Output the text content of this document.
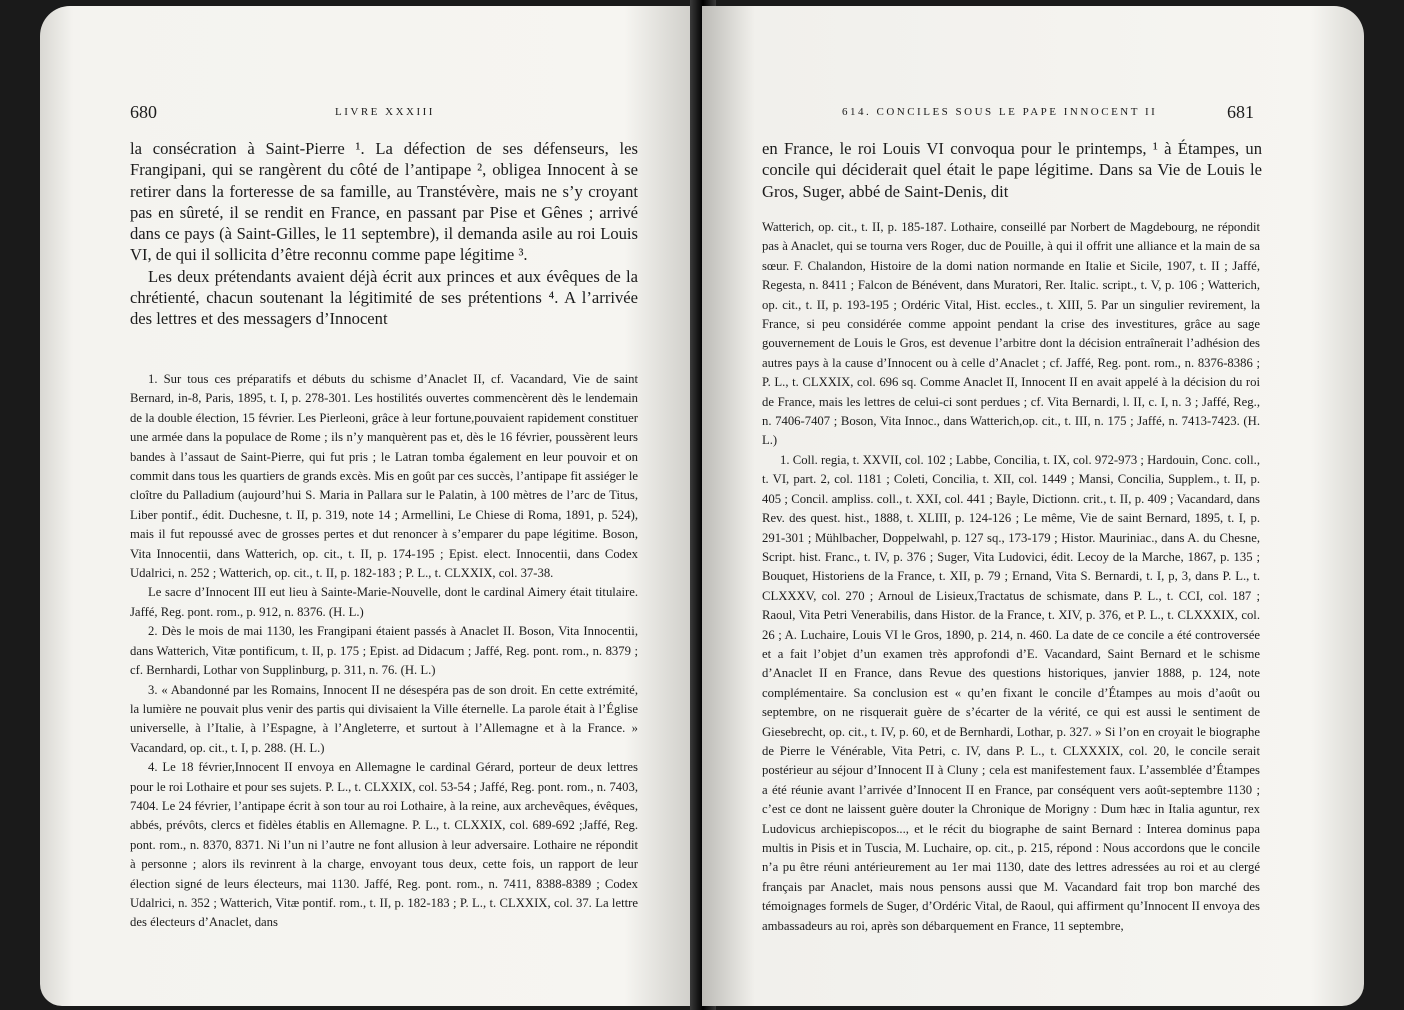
680	LIVRE XXXIII

la consécration à Saint-Pierre ¹. La défection de ses défenseurs, les Frangipani, qui se rangèrent du côté de l’antipape ², obligea Innocent à se retirer dans la forteresse de sa famille, au Transtévère, mais ne s’y croyant pas en sûreté, il se rendit en France, en passant par Pise et Gênes ; arrivé dans ce pays (à Saint-Gilles, le 11 septembre), il demanda asile au roi Louis VI, de qui il sollicita d’être reconnu comme pape légitime ³.

Les deux prétendants avaient déjà écrit aux princes et aux évêques de la chrétienté, chacun soutenant la légitimité de ses prétentions ⁴. A l’arrivée des lettres et des messagers d’Innocent

1. Sur tous ces préparatifs et débuts du schisme d’Anaclet II, cf. Vacandard, Vie de saint Bernard, in-8, Paris, 1895, t. I, p. 278-301. Les hostilités ouvertes commencèrent dès le lendemain de la double élection, 15 février. Les Pierleoni, grâce à leur fortune,pouvaient rapidement constituer une armée dans la populace de Rome ; ils n’y manquèrent pas et, dès le 16 février, poussèrent leurs bandes à l’assaut de Saint-Pierre, qui fut pris ; le Latran tomba également en leur pouvoir et on commit dans tous les quartiers de grands excès. Mis en goût par ces succès, l’antipape fit assiéger le cloître du Palladium (aujourd’hui S. Maria in Pallara sur le Palatin, à 100 mètres de l’arc de Titus, Liber pontif., édit. Duchesne, t. II, p. 319, note 14 ; Armellini, Le Chiese di Roma, 1891, p. 524), mais il fut repoussé avec de grosses pertes et dut renoncer à s’emparer du pape légitime. Boson, Vita Innocentii, dans Watterich, op. cit., t. II, p. 174-195 ; Epist. elect. Innocentii, dans Codex Udalrici, n. 252 ; Watterich, op. cit., t. II, p. 182-183 ; P. L., t. CLXXIX, col. 37-38.

Le sacre d’Innocent III eut lieu à Sainte-Marie-Nouvelle, dont le cardinal Aimery était titulaire. Jaffé, Reg. pont. rom., p. 912, n. 8376. (H. L.)

2. Dès le mois de mai 1130, les Frangipani étaient passés à Anaclet II. Boson, Vita Innocentii, dans Watterich, Vitæ pontificum, t. II, p. 175 ; Epist. ad Didacum ; Jaffé, Reg. pont. rom., n. 8379 ; cf. Bernhardi, Lothar von Supplinburg, p. 311, n. 76. (H. L.)

3. « Abandonné par les Romains, Innocent II ne désespéra pas de son droit. En cette extrémité, la lumière ne pouvait plus venir des partis qui divisaient la Ville éternelle. La parole était à l’Église universelle, à l’Italie, à l’Espagne, à l’Angleterre, et surtout à l’Allemagne et à la France. » Vacandard, op. cit., t. I, p. 288. (H. L.)

4. Le 18 février,Innocent II envoya en Allemagne le cardinal Gérard, porteur de deux lettres pour le roi Lothaire et pour ses sujets. P. L., t. CLXXIX, col. 53-54 ; Jaffé, Reg. pont. rom., n. 7403, 7404. Le 24 février, l’antipape écrit à son tour au roi Lothaire, à la reine, aux archevêques, évêques, abbés, prévôts, clercs et fidèles établis en Allemagne. P. L., t. CLXXIX, col. 689-692 ;Jaffé, Reg. pont. rom., n. 8370, 8371. Ni l’un ni l’autre ne font allusion à leur adversaire. Lothaire ne répondit à personne ; alors ils revinrent à la charge, envoyant tous deux, cette fois, un rapport de leur élection signé de leurs électeurs, mai 1130. Jaffé, Reg. pont. rom., n. 7411, 8388-8389 ; Codex Udalrici, n. 352 ; Watterich, Vitæ pontif. rom., t. II, p. 182-183 ; P. L., t. CLXXIX, col. 37. La lettre des électeurs d’Anaclet, dans

614. CONCILES SOUS LE PAPE INNOCENT II	681

en France, le roi Louis VI convoqua pour le printemps, ¹ à Étampes, un concile qui déciderait quel était le pape légitime. Dans sa Vie de Louis le Gros, Suger, abbé de Saint-Denis, dit

Watterich, op. cit., t. II, p. 185-187. Lothaire, conseillé par Norbert de Magdebourg, ne répondit pas à Anaclet, qui se tourna vers Roger, duc de Pouille, à qui il offrit une alliance et la main de sa sœur. F. Chalandon, Histoire de la domi nation normande en Italie et Sicile, 1907, t. II ; Jaffé, Regesta, n. 8411 ; Falcon de Bénévent, dans Muratori, Rer. Italic. script., t. V, p. 106 ; Watterich, op. cit., t. II, p. 193-195 ; Ordéric Vital, Hist. eccles., t. XIII, 5. Par un singulier revirement, la France, si peu considérée comme appoint pendant la crise des investitures, grâce au sage gouvernement de Louis le Gros, est devenue l’arbitre dont la décision entraînerait l’adhésion des autres pays à la cause d’Innocent ou à celle d’Anaclet ; cf. Jaffé, Reg. pont. rom., n. 8376-8386 ; P. L., t. CLXXIX, col. 696 sq. Comme Anaclet II, Innocent II en avait appelé à la décision du roi de France, mais les lettres de celui-ci sont perdues ; cf. Vita Bernardi, l. II, c. I, n. 3 ; Jaffé, Reg., n. 7406-7407 ; Boson, Vita Innoc., dans Watterich,op. cit., t. III, n. 175 ; Jaffé, n. 7413-7423. (H. L.)

1. Coll. regia, t. XXVII, col. 102 ; Labbe, Concilia, t. IX, col. 972-973 ; Hardouin, Conc. coll., t. VI, part. 2, col. 1181 ; Coleti, Concilia, t. XII, col. 1449 ; Mansi, Concilia, Supplem., t. II, p. 405 ; Concil. ampliss. coll., t. XXI, col. 441 ; Bayle, Dictionn. crit., t. II, p. 409 ; Vacandard, dans Rev. des quest. hist., 1888, t. XLIII, p. 124-126 ; Le même, Vie de saint Bernard, 1895, t. I, p. 291-301 ; Mühlbacher, Doppelwahl, p. 127 sq., 173-179 ; Histor. Mauriniac., dans A. du Chesne, Script. hist. Franc., t. IV, p. 376 ; Suger, Vita Ludovici, édit. Lecoy de la Marche, 1867, p. 135 ; Bouquet, Historiens de la France, t. XII, p. 79 ; Ernand, Vita S. Bernardi, t. I, p, 3, dans P. L., t. CLXXXV, col. 270 ; Arnoul de Lisieux,Tractatus de schismate, dans P. L., t. CCI, col. 187 ; Raoul, Vita Petri Venerabilis, dans Histor. de la France, t. XIV, p. 376, et P. L., t. CLXXXIX, col. 26 ; A. Luchaire, Louis VI le Gros, 1890, p. 214, n. 460. La date de ce concile a été controversée et a fait l’objet d’un examen très approfondi d’E. Vacandard, Saint Bernard et le schisme d’Anaclet II en France, dans Revue des questions historiques, janvier 1888, p. 124, note complémentaire. Sa conclusion est « qu’en fixant le concile d’Étampes au mois d’août ou septembre, on ne risquerait guère de s’écarter de la vérité, ce qui est aussi le sentiment de Giesebrecht, op. cit., t. IV, p. 60, et de Bernhardi, Lothar, p. 327. » Si l’on en croyait le biographe de Pierre le Vénérable, Vita Petri, c. IV, dans P. L., t. CLXXXIX, col. 20, le concile serait postérieur au séjour d’Innocent II à Cluny ; cela est manifestement faux. L’assemblée d’Étampes a été réunie avant l’arrivée d’Innocent II en France, par conséquent vers août-septembre 1130 ; c’est ce dont ne laissent guère douter la Chronique de Morigny : Dum hæc in Italia aguntur, rex Ludovicus archiepiscopos..., et le récit du biographe de saint Bernard : Interea dominus papa multis in Pisis et in Tuscia, M. Luchaire, op. cit., p. 215, répond : Nous accordons que le concile n’a pu être réuni antérieurement au 1er mai 1130, date des lettres adressées au roi et au clergé français par Anaclet, mais nous pensons aussi que M. Vacandard fait trop bon marché des témoignages formels de Suger, d’Ordéric Vital, de Raoul, qui affirment qu’Innocent II envoya des ambassadeurs au roi, après son débarquement en France, 11 septembre,
